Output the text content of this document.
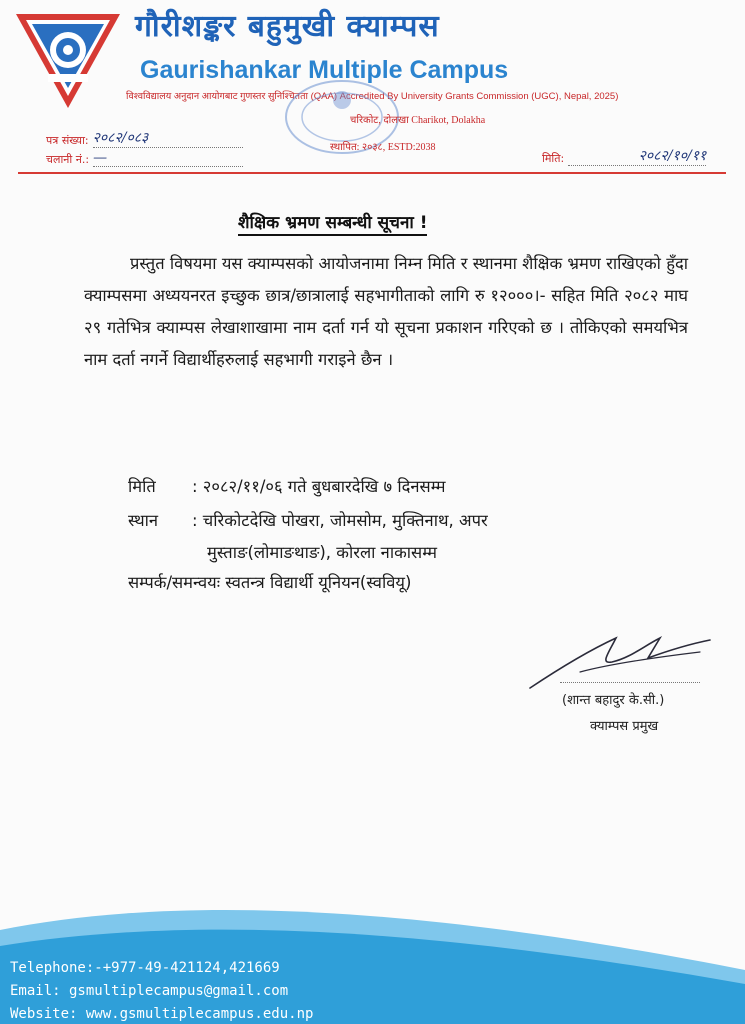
गौरीशङ्कर बहुमुखी क्याम्पस
Gaurishankar Multiple Campus
विश्वविद्यालय अनुदान आयोगबाट गुणस्तर सुनिश्चितता (QAA) Accredited By University Grants Commission (UGC), Nepal, 2025)
चरिकोट, दोलखा Charikot, Dolakha
स्थापित: २०३८, ESTD:2038
पत्र संख्या: २०८२/०८३
चलानी नं.: —	मिति:	२०८२/१०/११
शैक्षिक भ्रमण सम्बन्धी सूचना !
प्रस्तुत विषयमा यस क्याम्पसको आयोजनामा निम्न मिति र स्थानमा शैक्षिक भ्रमण राखिएको हुँदा क्याम्पसमा अध्ययनरत इच्छुक छात्र/छात्रालाई सहभागीताको लागि रु १२०००।- सहित मिति २०८२ माघ २९ गतेभित्र क्याम्पस लेखाशाखामा नाम दर्ता गर्न यो सूचना प्रकाशन गरिएको छ । तोकिएको समयभित्र नाम दर्ता नगर्ने विद्यार्थीहरुलाई सहभागी गराइने छैन ।
मिति : २०८२/११/०६ गते बुधबारदेखि ७ दिनसम्म
स्थान : चरिकोटदेखि पोखरा, जोमसोम, मुक्तिनाथ, अपर
मुस्ताङ(लोमाङथाङ), कोरला नाकासम्म
सम्पर्क/समन्वयः स्वतन्त्र विद्यार्थी यूनियन(स्ववियू)
(शान्त बहादुर के.सी.)
क्याम्पस प्रमुख
Telephone:-+977-49-421124,421669
Email: gsmultiplecampus@gmail.com
Website: www.gsmultiplecampus.edu.np
